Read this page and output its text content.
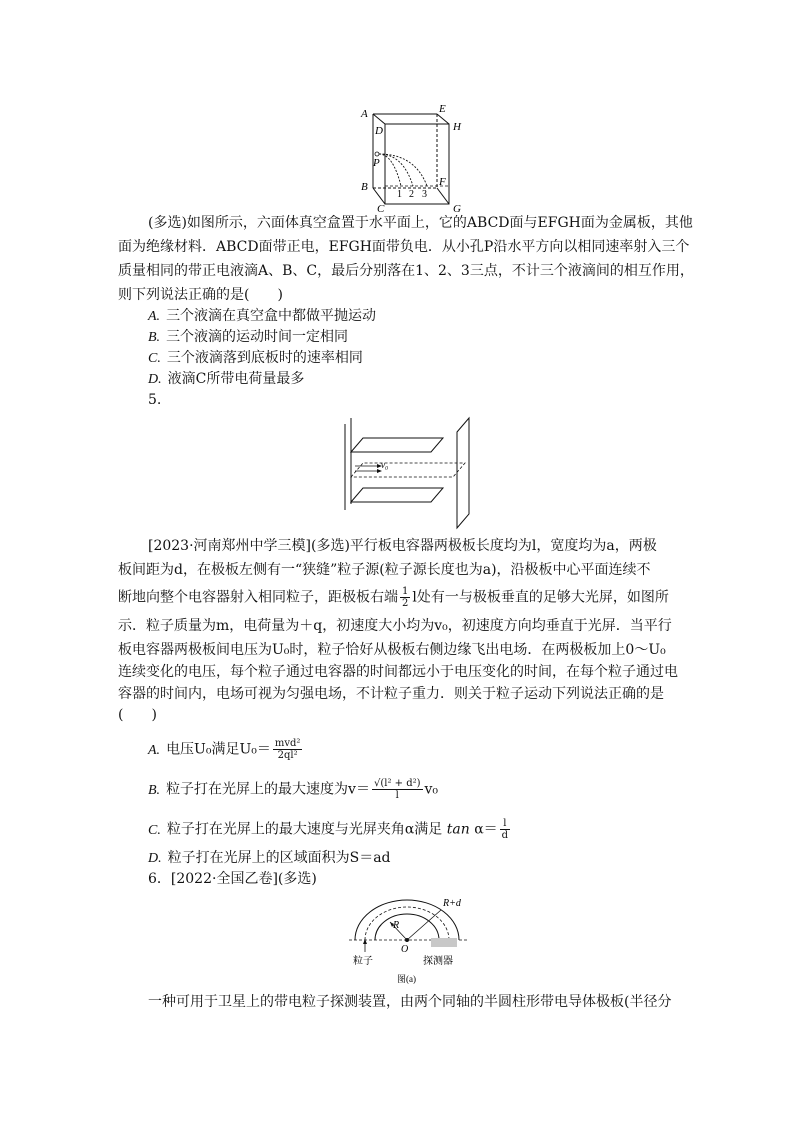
A	E
D	H
P
B
C
F
G
1 2 3
(多选)如图所示，六面体真空盒置于水平面上，它的ABCD面与EFGH面为金属板，其他
面为绝缘材料．ABCD面带正电，EFGH面带负电．从小孔P沿水平方向以相同速率射入三个
质量相同的带正电液滴A、B、C，最后分别落在1、2、3三点，不计三个液滴间的相互作用，
则下列说法正确的是(　　)
A. 三个液滴在真空盒中都做平抛运动
B. 三个液滴的运动时间一定相同
C. 三个液滴落到底板时的速率相同
D. 液滴C所带电荷量最多
5.
v₀
[2023·河南郑州中学三模](多选)平行板电容器两极板长度均为l，宽度均为a，两极
板间距为d，在极板左侧有一“狭缝”粒子源(粒子源长度也为a)，沿极板中心平面连续不
断地向整个电容器射入相同粒子，距极板右端 $\frac{1}{2}$ l处有一与极板垂直的足够大光屏，如图所
示．粒子质量为m，电荷量为＋q，初速度大小均为v₀，初速度方向均垂直于光屏．当平行
板电容器两极板间电压为U₀时，粒子恰好从极板右侧边缘飞出电场．在两极板加上0～U₀
连续变化的电压，每个粒子通过电容器的时间都远小于电压变化的时间，在每个粒子通过电
容器的时间内，电场可视为匀强电场，不计粒子重力．则关于粒子运动下列说法正确的是
(　　)
A. 电压U₀满足$U_0= \frac{\text{mvd²}}{\text{2ql²}}$
B. 粒子打在光屏上的最大速度为$v= \frac{\text{√(l² + d²)}}{l} v_0$
C. 粒子打在光屏上的最大速度与光屏夹角α满足 $\tan \alpha= \frac{l}{d}$
D. 粒子打在光屏上的区域面积为S＝ad
6．[2022·全国乙卷](多选)
R
R+d
O
粒子	探测器
图(a)
一种可用于卫星上的带电粒子探测装置，由两个同轴的半圆柱形带电导体极板(半径分
